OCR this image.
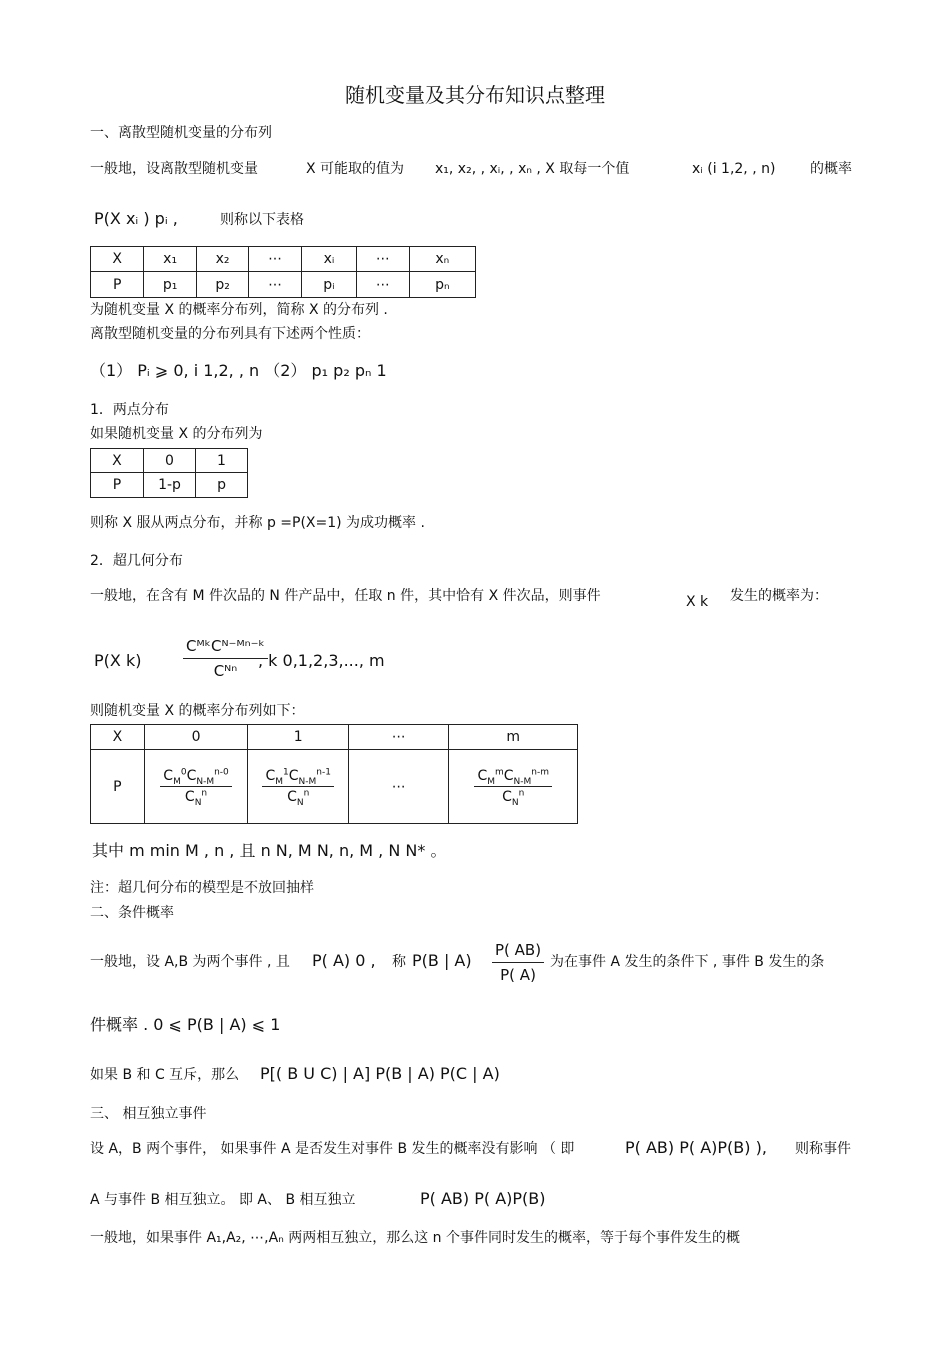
随机变量及其分布知识点整理
一、离散型随机变量的分布列
一般地，设离散型随机变量	X 可能取的值为 x₁, x₂, , xᵢ, , xₙ , X 取每一个值	xᵢ (i 1,2, , n) 的概率
P(X xᵢ ) pᵢ ,	则称以下表格
X	x₁	x₂	⋯	xᵢ	⋯	xₙ
P	p₁	p₂	⋯	pᵢ	⋯	pₙ
为随机变量 X 的概率分布列，简称 X 的分布列 .
离散型随机变量的分布列具有下述两个性质：
（1） Pᵢ ⩾ 0, i 1,2, , n （2） p₁ p₂ pₙ 1
1．两点分布
如果随机变量 X 的分布列为
X	0	1
P	1-p	p
则称 X 服从两点分布，并称 p =P(X=1) 为成功概率 .
2．超几何分布
一般地，在含有 M 件次品的 N 件产品中，任取 n 件，其中恰有 X 件次品，则事件	X k 发生的概率为：
P(X k)	$\frac{\text{CᴹᵏCᴺ⁻ᴹⁿ⁻ᵏ}}{\text{Cᴺⁿ}}$
, k 0,1,2,3,..., m
则随机变量 X 的概率分布列如下：
X	0	1	⋯	m
P	$\frac{C_M^0C_{N-M}^{n-0}}{C_N^n}$	$\frac{C_M^1C_{N-M}^{n-1}}{C_N^n}$	⋯	$\frac{C_M^mC_{N-M}^{n-m}}{C_N^n}$
其中 m min M , n , 且 n N, M N, n, M , N N* 。
注：超几何分布的模型是不放回抽样
二、条件概率
一般地，设 A,B 为两个事件 , 且 P( A) 0 , 称 P(B | $A) \frac{P( AB)}{P( A)}$ 为在事件 A 发生的条件下 , 事件 B 发生的条
件概率 . 0 ⩽ P(B | A) ⩽ 1
如果 B 和 C 互斥，那么 P[( B U C) | A] P(B | A) P(C | A)
三、 相互独立事件
设 A，B 两个事件， 如果事件 A 是否发生对事件 B 发生的概率没有影响 （ 即	P( AB) P( A)P(B) ), 则称事件
A 与事件 B 相互独立。 即 A、 B 相互独立	P( AB) P( A)P(B)
一般地，如果事件 A₁,A₂, ⋯,Aₙ 两两相互独立，那么这 n 个事件同时发生的概率，等于每个事件发生的概
